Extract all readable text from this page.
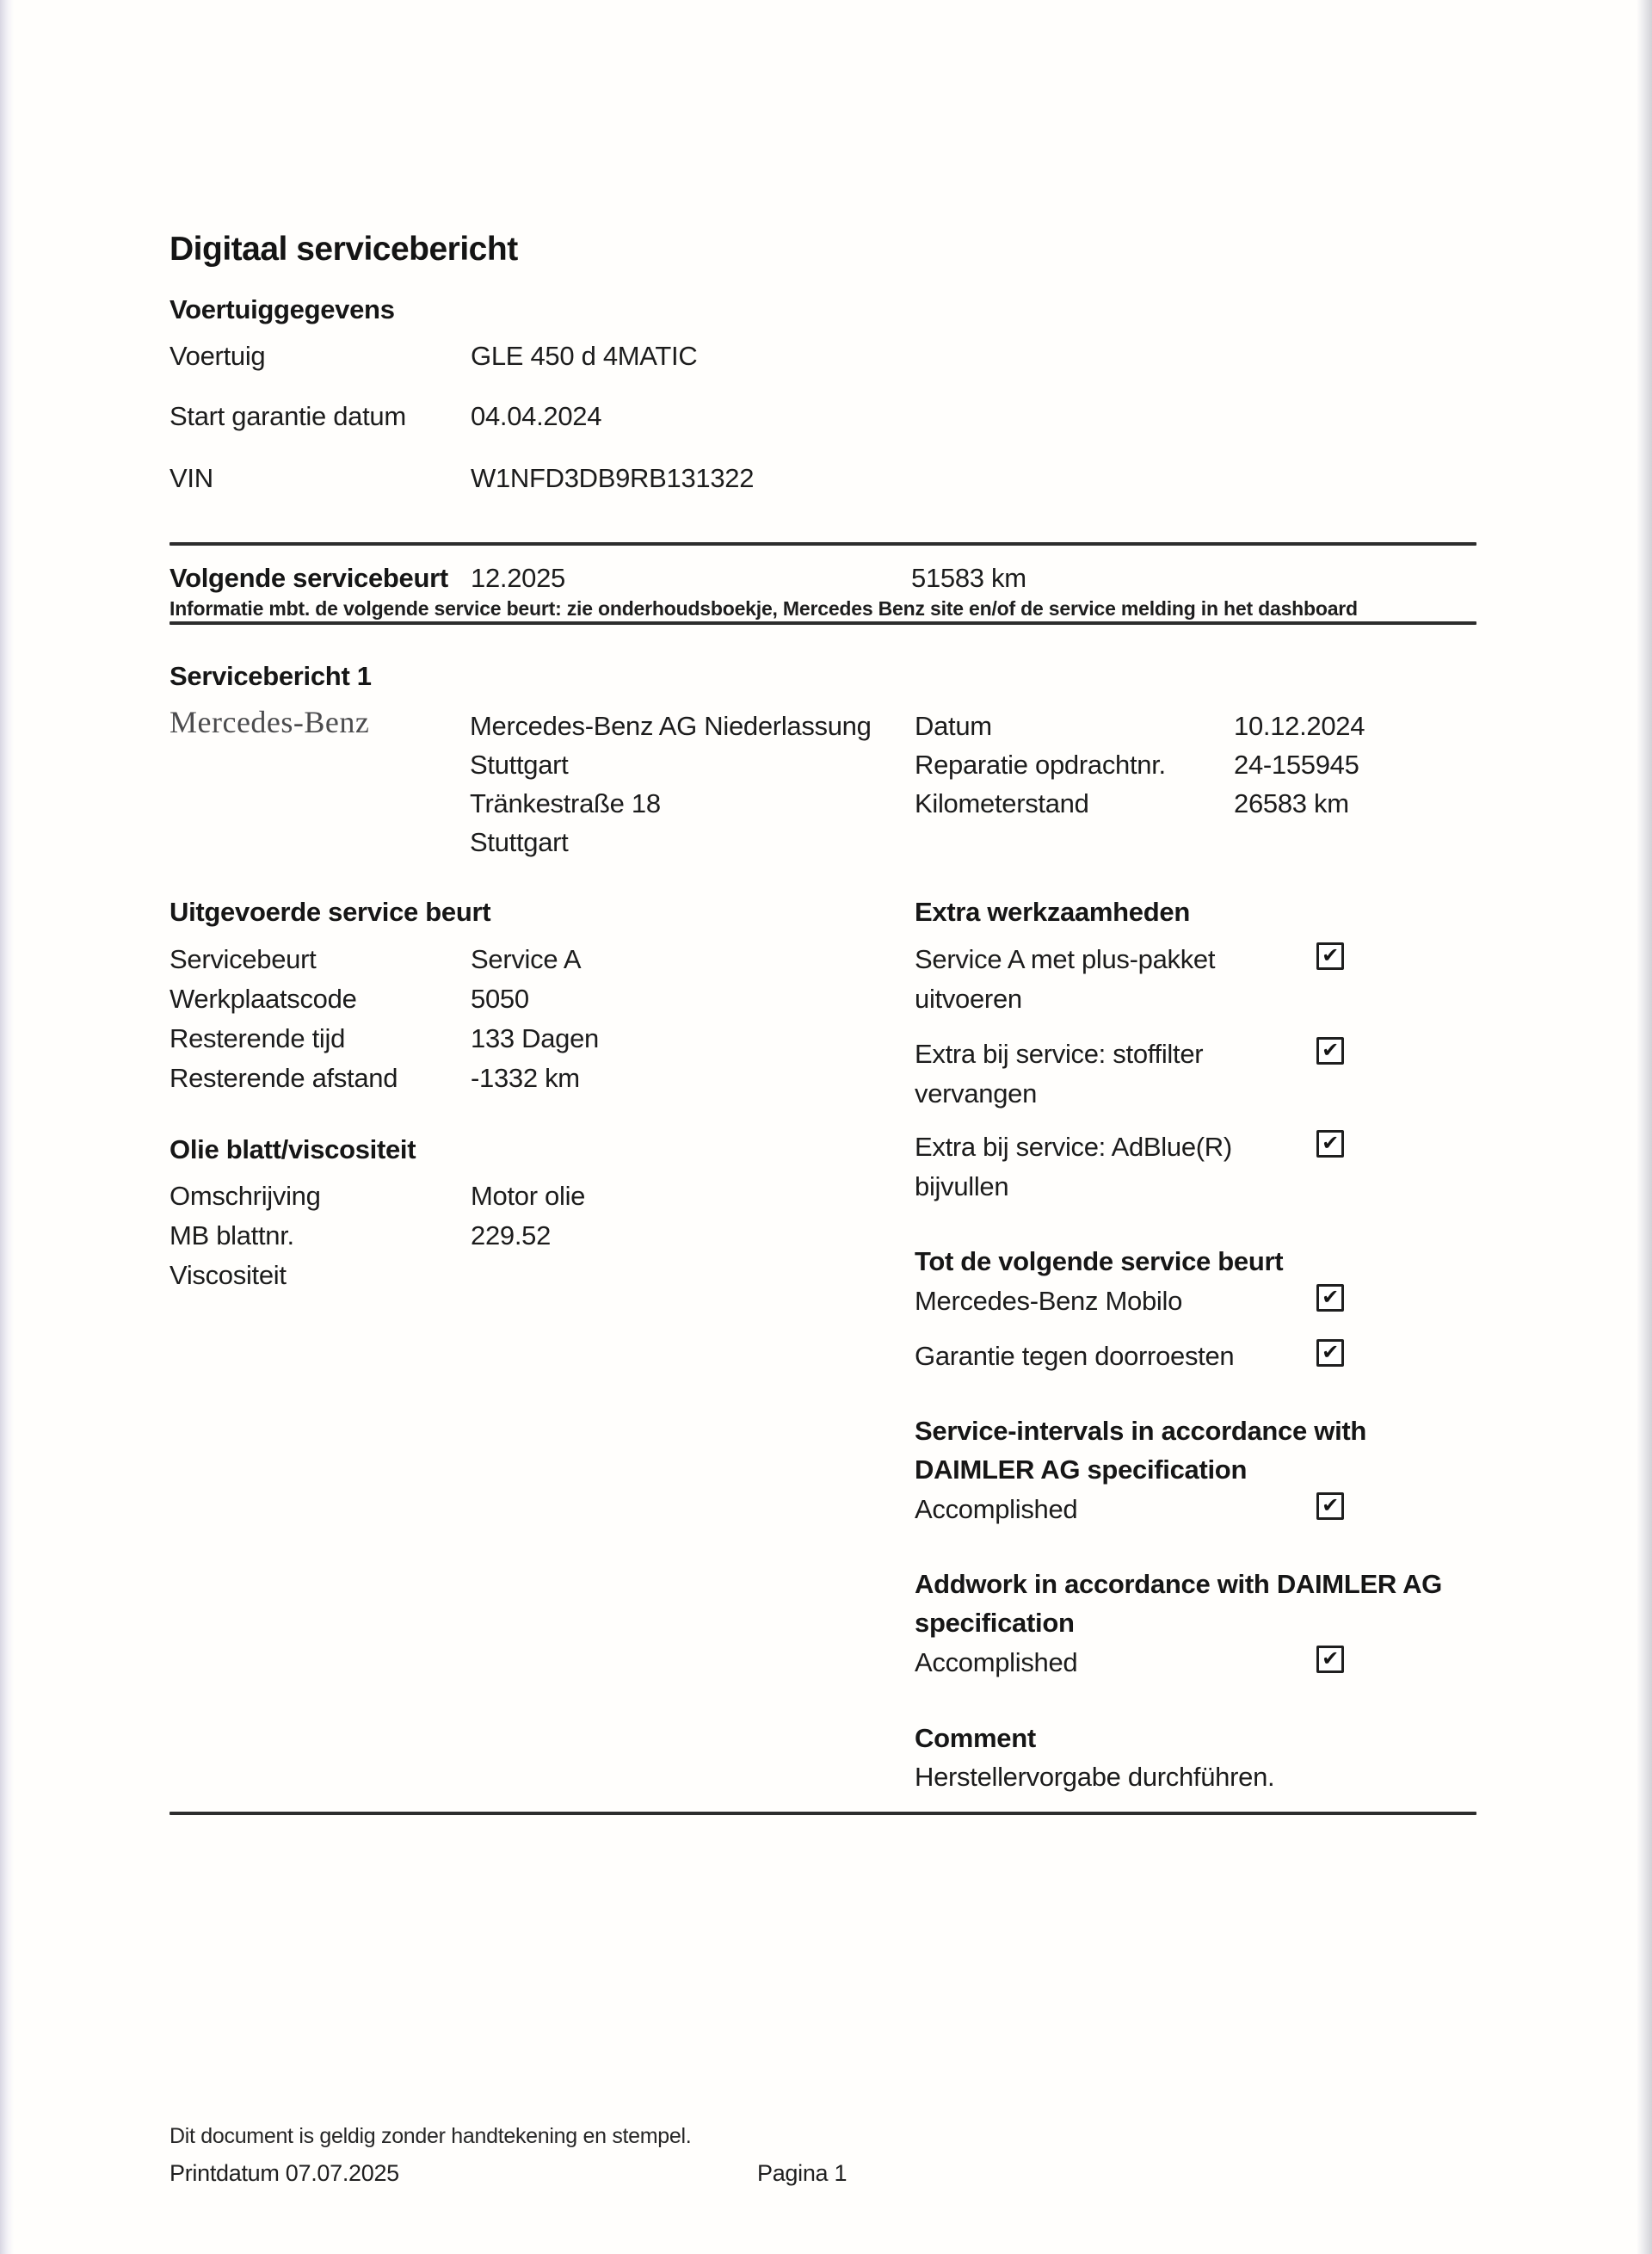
Digitaal servicebericht
Voertuiggegevens
Voertuig	GLE 450 d 4MATIC
Start garantie datum 04.04.2024
VIN	W1NFD3DB9RB131322
Volgende servicebeurt 12.2025	51583 km
Informatie mbt. de volgende service beurt: zie onderhoudsboekje, Mercedes Benz site en/of de service melding in het dashboard
Servicebericht 1
Mercedes-Benz	Mercedes-Benz AG Niederlassung
Stuttgart
Tränkestraße 18
Stuttgart
Datum	10.12.2024
Reparatie opdrachtnr.	24-155945
Kilometerstand	26583 km
Uitgevoerde service beurt
Servicebeurt	Service A
Werkplaatscode	5050
Resterende tijd	133 Dagen
Resterende afstand	-1332 km
Olie blatt/viscositeit
Omschrijving	Motor olie
MB blattnr.	229.52
Viscositeit
Extra werkzaamheden
Service A met plus-pakket
uitvoeren
✔
Extra bij service: stoffilter
vervangen
✔
Extra bij service: AdBlue(R)
bijvullen
✔
Tot de volgende service beurt
Mercedes-Benz Mobilo	✔
Garantie tegen doorroesten	✔
Service-intervals in accordance with
DAIMLER AG specification
Accomplished	✔
Addwork in accordance with DAIMLER AG
specification
Accomplished	✔
Comment
Herstellervorgabe durchführen.
Dit document is geldig zonder handtekening en stempel.
Printdatum 07.07.2025	Pagina 1
